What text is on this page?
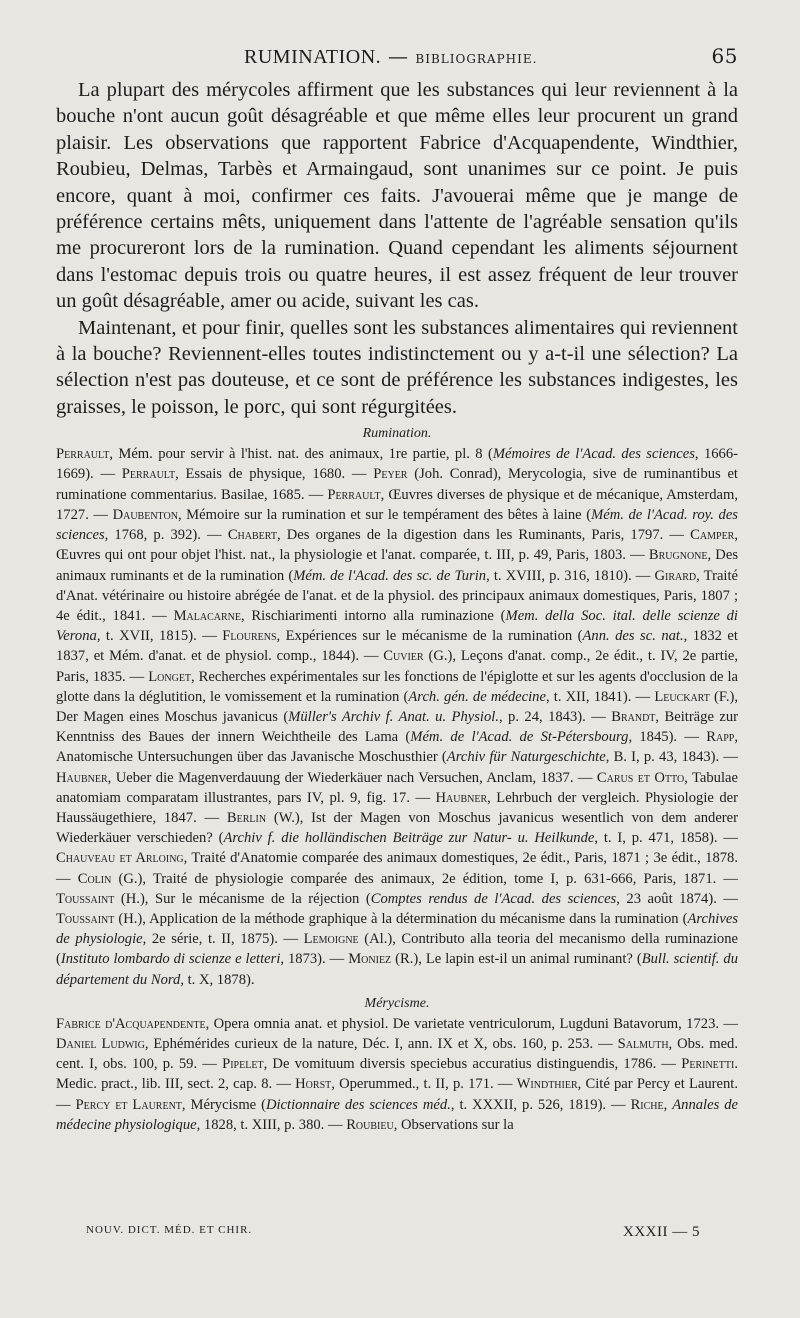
RUMINATION. — BIBLIOGRAPHIE.	65

La plupart des mérycoles affirment que les substances qui leur reviennent à la bouche n'ont aucun goût désagréable et que même elles leur procurent un grand plaisir. Les observations que rapportent Fabrice d'Acquapendente, Windthier, Roubieu, Delmas, Tarbès et Armaingaud, sont unanimes sur ce point. Je puis encore, quant à moi, confirmer ces faits. J'avouerai même que je mange de préférence certains mêts, uniquement dans l'attente de l'agréable sensation qu'ils me procureront lors de la rumination. Quand cependant les aliments séjournent dans l'estomac depuis trois ou quatre heures, il est assez fréquent de leur trouver un goût désagréable, amer ou acide, suivant les cas.

Maintenant, et pour finir, quelles sont les substances alimentaires qui reviennent à la bouche? Reviennent-elles toutes indistinctement ou y a-t-il une sélection? La sélection n'est pas douteuse, et ce sont de préférence les substances indigestes, les graisses, le poisson, le porc, qui sont régurgitées.

Rumination.
Perrault, Mém. pour servir à l'hist. nat. des animaux, 1re partie, pl. 8 (Mémoires de l'Acad. des sciences, 1666-1669). — Perrault, Essais de physique, 1680. — Peyer (Joh. Conrad), Merycologia, sive de ruminantibus et ruminatione commentarius. Basilae, 1685. — Perrault, Œuvres diverses de physique et de mécanique, Amsterdam, 1727. — Daubenton, Mémoire sur la rumination et sur le tempérament des bêtes à laine (Mém. de l'Acad. roy. des sciences, 1768, p. 392). — Chabert, Des organes de la digestion dans les Ruminants, Paris, 1797. — Camper, Œuvres qui ont pour objet l'hist. nat., la physiologie et l'anat. comparée, t. III, p. 49, Paris, 1803. — Brugnone, Des animaux ruminants et de la rumination (Mém. de l'Acad. des sc. de Turin, t. XVIII, p. 316, 1810). — Girard, Traité d'Anat. vétérinaire ou histoire abrégée de l'anat. et de la physiol. des principaux animaux domestiques, Paris, 1807 ; 4e édit., 1841. — Malacarne, Rischiarimenti intorno alla ruminazione (Mem. della Soc. ital. delle scienze di Verona, t. XVII, 1815). — Flourens, Expériences sur le mécanisme de la rumination (Ann. des sc. nat., 1832 et 1837, et Mém. d'anat. et de physiol. comp., 1844). — Cuvier (G.), Leçons d'anat. comp., 2e édit., t. IV, 2e partie, Paris, 1835. — Longet, Recherches expérimentales sur les fonctions de l'épiglotte et sur les agents d'occlusion de la glotte dans la déglutition, le vomissement et la rumination (Arch. gén. de médecine, t. XII, 1841). — Leuckart (F.), Der Magen eines Moschus javanicus (Müller's Archiv f. Anat. u. Physiol., p. 24, 1843). — Brandt, Beiträge zur Kenntniss des Baues der innern Weichtheile des Lama (Mém. de l'Acad. de St-Pétersbourg, 1845). — Rapp, Anatomische Untersuchungen über das Javanische Moschusthier (Archiv für Naturgeschichte, B. I, p. 43, 1843). — Haubner, Ueber die Magenverdauung der Wiederkäuer nach Versuchen, Anclam, 1837. — Carus et Otto, Tabulae anatomiam comparatam illustrantes, pars IV, pl. 9, fig. 17. — Haubner, Lehrbuch der vergleich. Physiologie der Haussäugethiere, 1847. — Berlin (W.), Ist der Magen von Moschus javanicus wesentlich von dem anderer Wiederkäuer verschieden? (Archiv f. die holländischen Beiträge zur Natur- u. Heilkunde, t. I, p. 471, 1858). — Chauveau et Arloing, Traité d'Anatomie comparée des animaux domestiques, 2e édit., Paris, 1871 ; 3e édit., 1878. — Colin (G.), Traité de physiologie comparée des animaux, 2e édition, tome I, p. 631-666, Paris, 1871. — Toussaint (H.), Sur le mécanisme de la réjection (Comptes rendus de l'Acad. des sciences, 23 août 1874). — Toussaint (H.), Application de la méthode graphique à la détermination du mécanisme dans la rumination (Archives de physiologie, 2e série, t. II, 1875). — Lemoigne (Al.), Contributo alla teoria del mecanismo della ruminazione (Instituto lombardo di scienze e letteri, 1873). — Moniez (R.), Le lapin est-il un animal ruminant? (Bull. scientif. du département du Nord, t. X, 1878).
Mérycisme.
Fabrice d'Acquapendente, Opera omnia anat. et physiol. De varietate ventriculorum, Lugduni Batavorum, 1723. — Daniel Ludwig, Ephémérides curieux de la nature, Déc. I, ann. IX et X, obs. 160, p. 253. — Salmuth, Obs. med. cent. I, obs. 100, p. 59. — Pipelet, De vomituum diversis speciebus accuratius distinguendis, 1786. — Perinetti. Medic. pract., lib. III, sect. 2, cap. 8. — Horst, Operummed., t. II, p. 171. — Windthier, Cité par Percy et Laurent. — Percy et Laurent, Mérycisme (Dictionnaire des sciences méd., t. XXXII, p. 526, 1819). — Riche, Annales de médecine physiologique, 1828, t. XIII, p. 380. — Roubieu, Observations sur la
NOUV. DICT. MÉD. ET CHIR.	XXXII — 5
